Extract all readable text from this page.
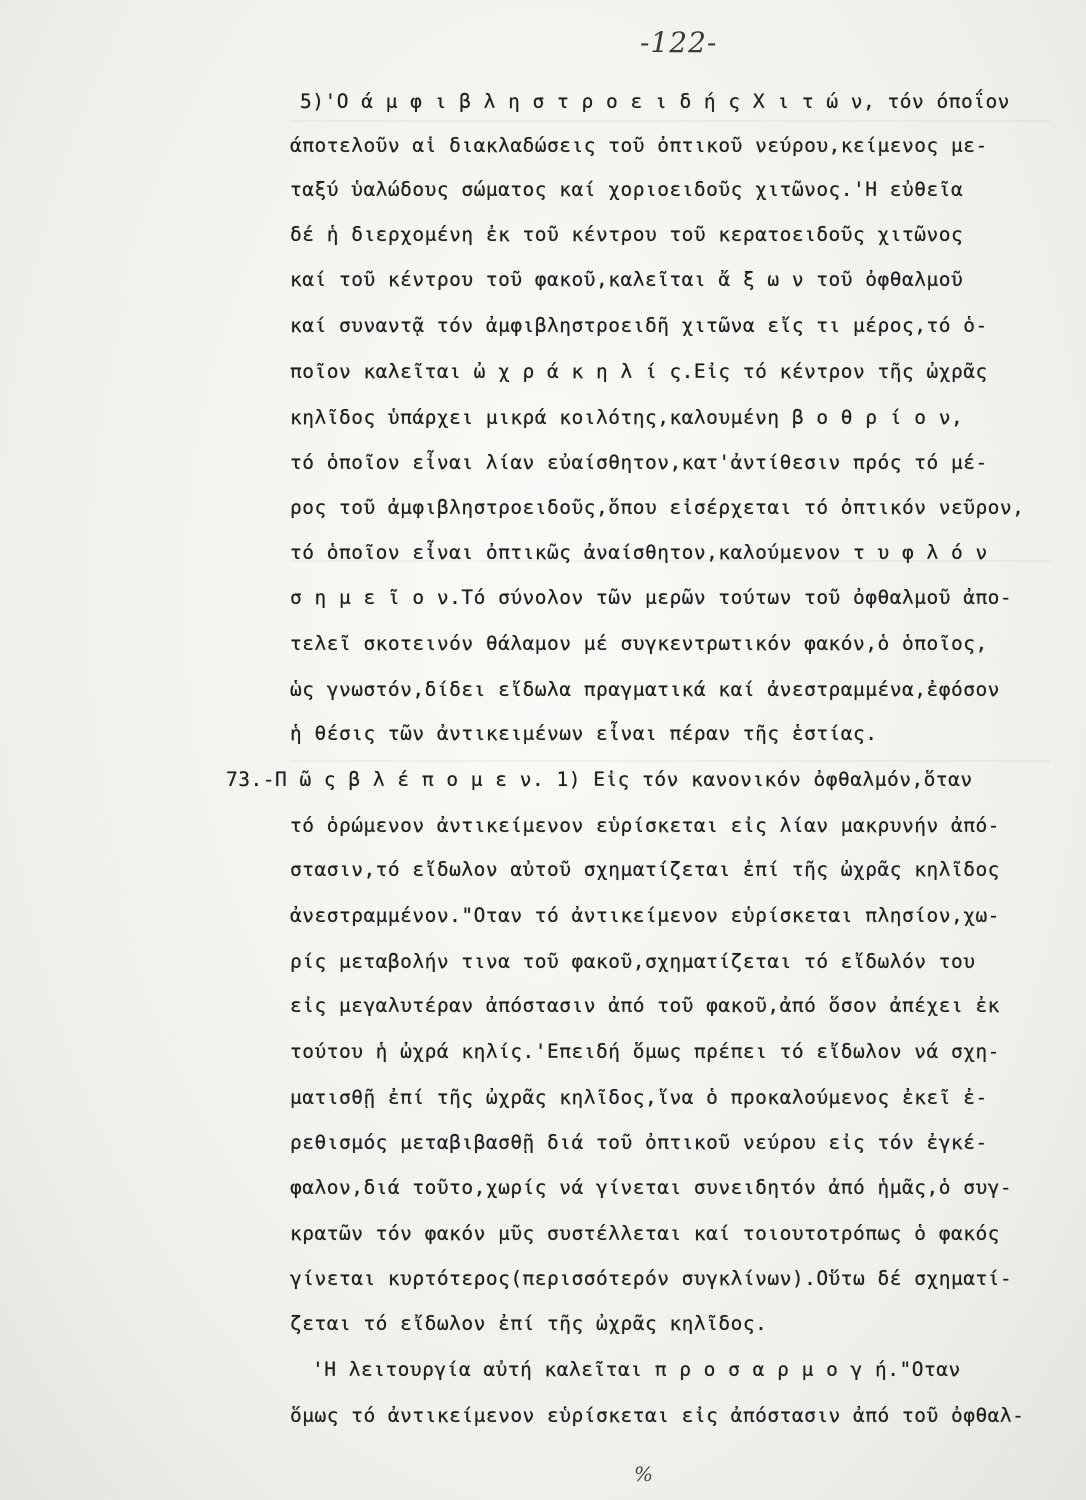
-122-
5)'Ο ά μ φ ι β λ η σ τ ρ ο ε ι δ ή ς Χ ι τ ώ ν, τόν όποΐον
άποτελοῦν αἱ διακλαδώσεις τοῦ ὀπτικοῦ νεύρου,κείμενος με-
ταξύ ὑαλώδους σώματος καί χοριοειδοῦς χιτῶνος.'Η εὐθεῖα
δέ ἡ διερχομένη ἐκ τοῦ κέντρου τοῦ κερατοειδοῦς χιτῶνος
καί τοῦ κέντρου τοῦ φακοῦ,καλεῖται ἄ ξ ω ν τοῦ ὀφθαλμοῦ
καί συναντᾷ τόν ἀμφιβληστροειδῆ χιτῶνα εἴς τι μέρος,τό ὁ-
ποῖον καλεῖται ὠ χ ρ ά κ η λ ί ς.Εἰς τό κέντρον τῆς ὠχρᾶς
κηλῖδος ὑπάρχει μικρά κοιλότης,καλουμένη β ο θ ρ ί ο ν,
τό ὁποῖον εἶναι λίαν εὐαίσθητον,κατ'ἀντίθεσιν πρός τό μέ-
ρος τοῦ ἀμφιβληστροειδοῦς,ὅπου εἰσέρχεται τό ὀπτικόν νεῦρον,
τό ὁποῖον εἶναι ὀπτικῶς ἀναίσθητον,καλούμενον τ υ φ λ ό ν
σ η μ ε ῖ ο ν.Τό σύνολον τῶν μερῶν τούτων τοῦ ὀφθαλμοῦ ἀπο-
τελεῖ σκοτεινόν θάλαμον μέ συγκεντρωτικόν φακόν,ὁ ὁποῖος,
ὡς γνωστόν,δίδει εἴδωλα πραγματικά καί ἀνεστραμμένα,ἐφόσον
ἡ θέσις τῶν ἀντικειμένων εἶναι πέραν τῆς ἑστίας.
73.-Π ῶ ς β λ έ π ο μ ε ν. 1) Εἰς τόν κανονικόν ὀφθαλμόν,ὅταν
τό ὁρώμενον ἀντικείμενον εὑρίσκεται εἰς λίαν μακρυνήν ἀπό-
στασιν,τό εἴδωλον αὐτοῦ σχηματίζεται ἐπί τῆς ὠχρᾶς κηλῖδος
ἀνεστραμμένον."Οταν τό ἀντικείμενον εὑρίσκεται πλησίον,χω-
ρίς μεταβολήν τινα τοῦ φακοῦ,σχηματίζεται τό εἴδωλόν του
εἰς μεγαλυτέραν ἀπόστασιν ἀπό τοῦ φακοῦ,ἀπό ὅσον ἀπέχει ἐκ
τούτου ἡ ὠχρά κηλίς.'Επειδή ὅμως πρέπει τό εἴδωλον νά σχη-
ματισθῇ ἐπί τῆς ὠχρᾶς κηλῖδος,ἵνα ὁ προκαλούμενος ἐκεῖ ἐ-
ρεθισμός μεταβιβασθῇ διά τοῦ ὀπτικοῦ νεύρου εἰς τόν ἐγκέ-
φαλον,διά τοῦτο,χωρίς νά γίνεται συνειδητόν ἀπό ἡμᾶς,ὁ συγ-
κρατῶν τόν φακόν μῦς συστέλλεται καί τοιουτοτρόπως ὁ φακός
γίνεται κυρτότερος(περισσότερόν συγκλίνων).Οὕτω δέ σχηματί-
ζεται τό εἴδωλον ἐπί τῆς ὠχρᾶς κηλῖδος.
'Η λειτουργία αὐτή καλεῖται π ρ ο σ α ρ μ ο γ ή."Οταν
ὅμως τό ἀντικείμενον εὑρίσκεται εἰς ἀπόστασιν ἀπό τοῦ ὀφθαλ-
%
